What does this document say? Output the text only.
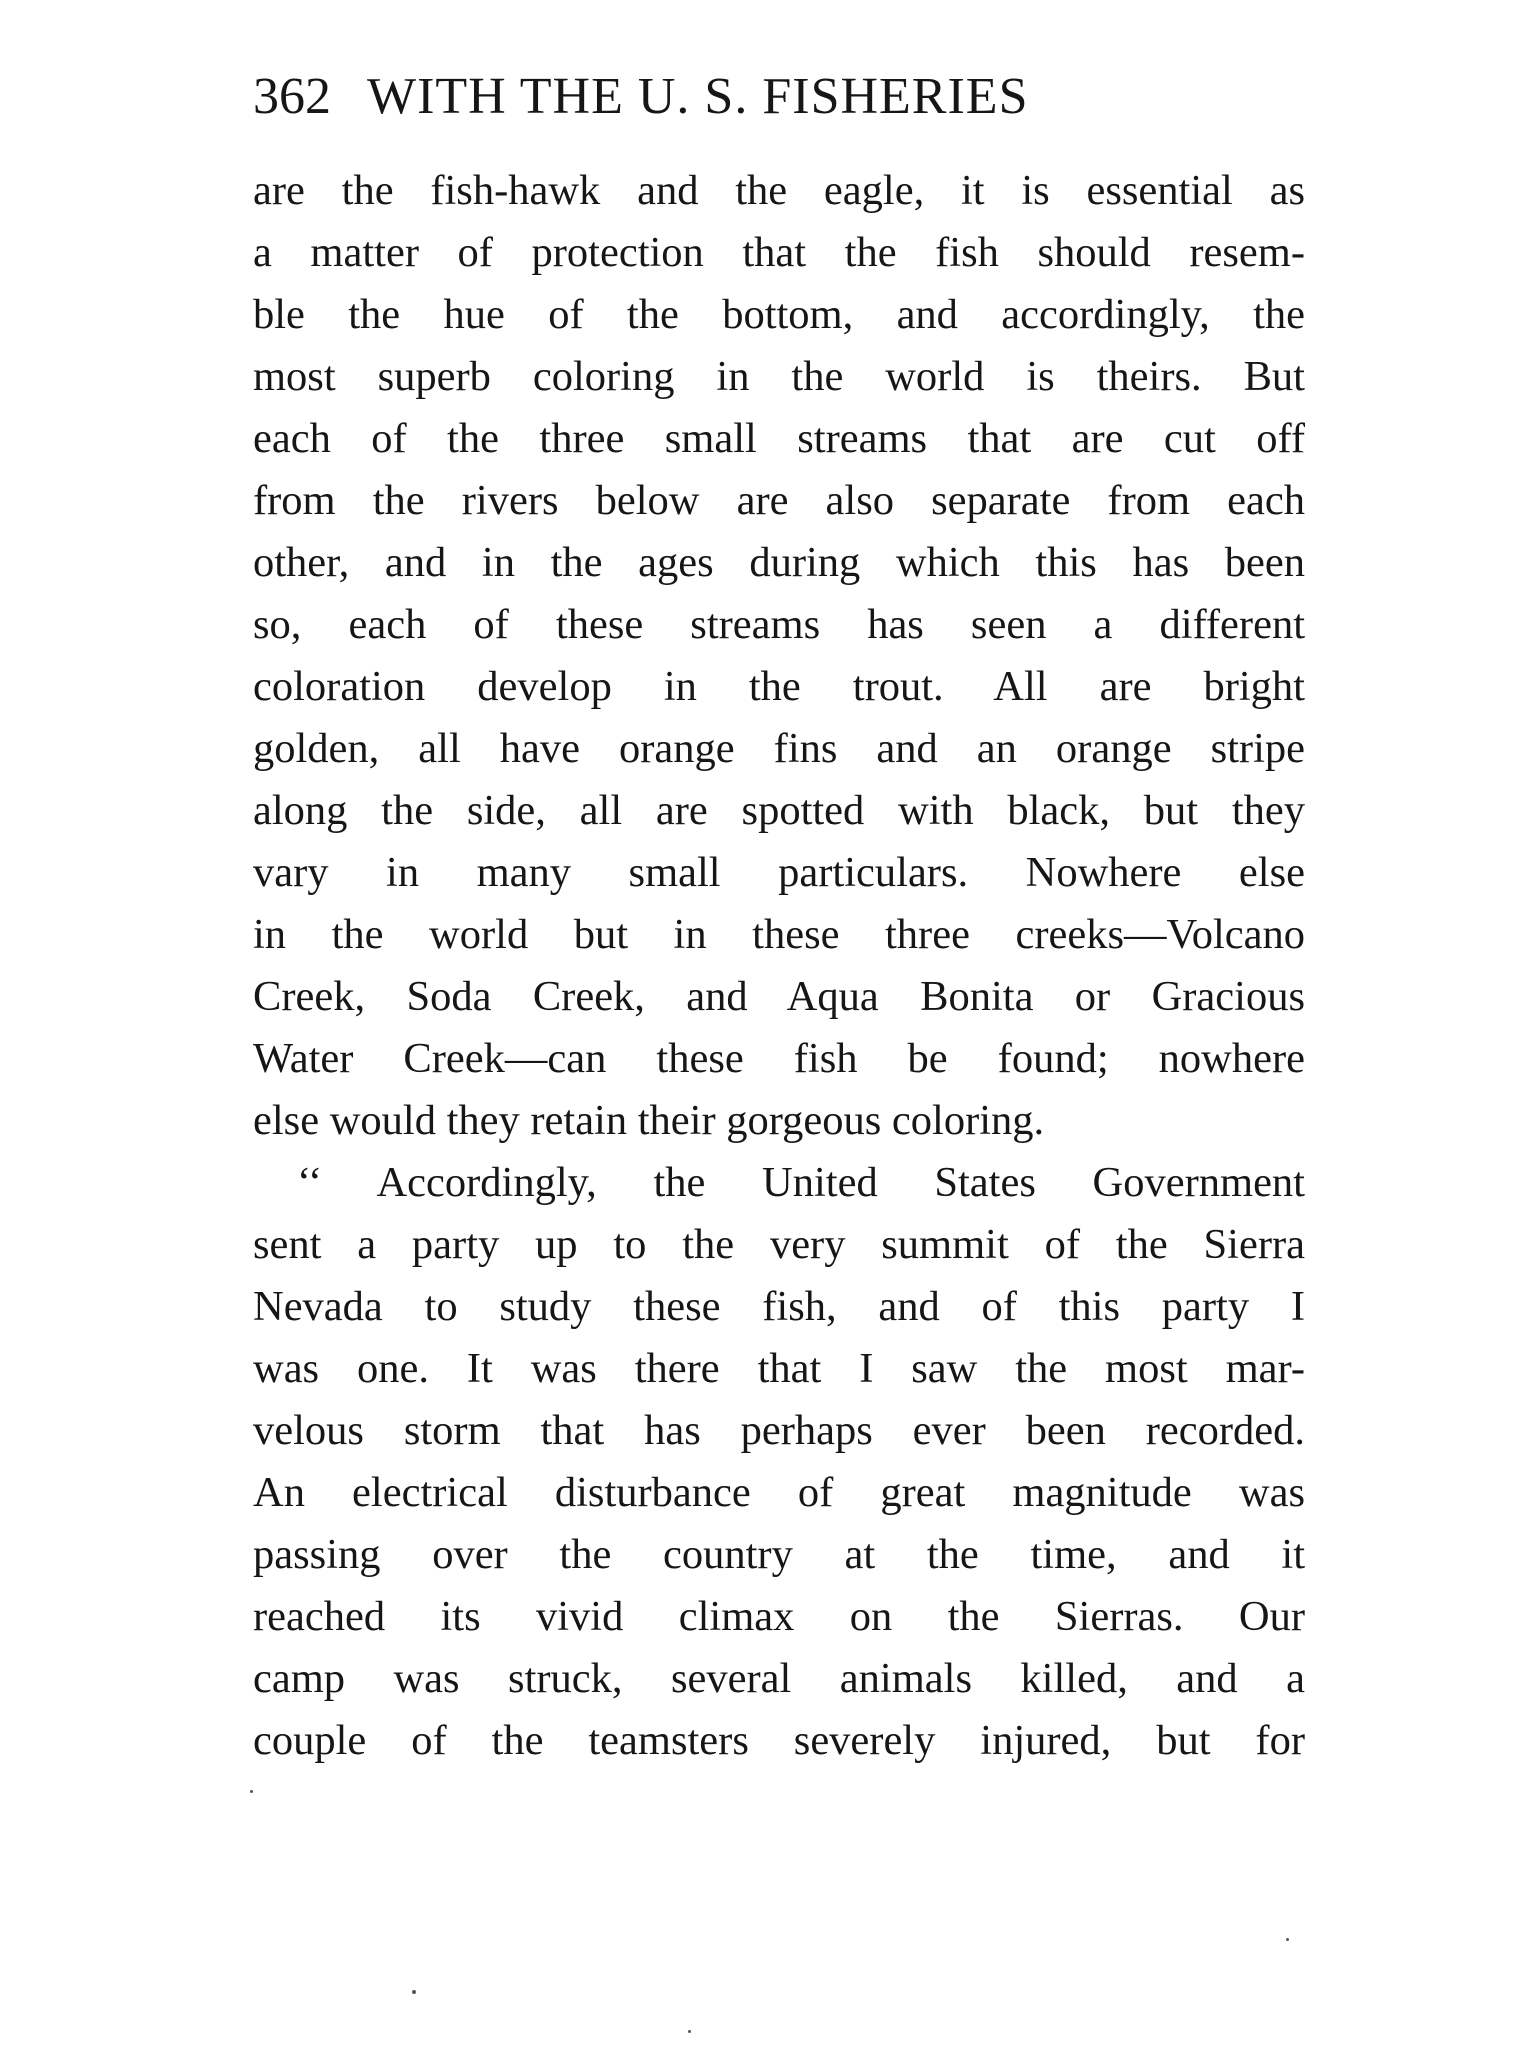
362 WITH THE U. S. FISHERIES
are the fish-hawk and the eagle, it is essential as
a matter of protection that the fish should resem-
ble the hue of the bottom, and accordingly, the
most superb coloring in the world is theirs. But
each of the three small streams that are cut off
from the rivers below are also separate from each
other, and in the ages during which this has been
so, each of these streams has seen a different
coloration develop in the trout. All are bright
golden, all have orange fins and an orange stripe
along the side, all are spotted with black, but they
vary in many small particulars. Nowhere else
in the world but in these three creeks—Volcano
Creek, Soda Creek, and Aqua Bonita or Gracious
Water Creek—can these fish be found; nowhere
else would they retain their gorgeous coloring.
‘‘ Accordingly, the United States Government
sent a party up to the very summit of the Sierra
Nevada to study these fish, and of this party I
was one. It was there that I saw the most mar-
velous storm that has perhaps ever been recorded.
An electrical disturbance of great magnitude was
passing over the country at the time, and it
reached its vivid climax on the Sierras. Our
camp was struck, several animals killed, and a
couple of the teamsters severely injured, but for
